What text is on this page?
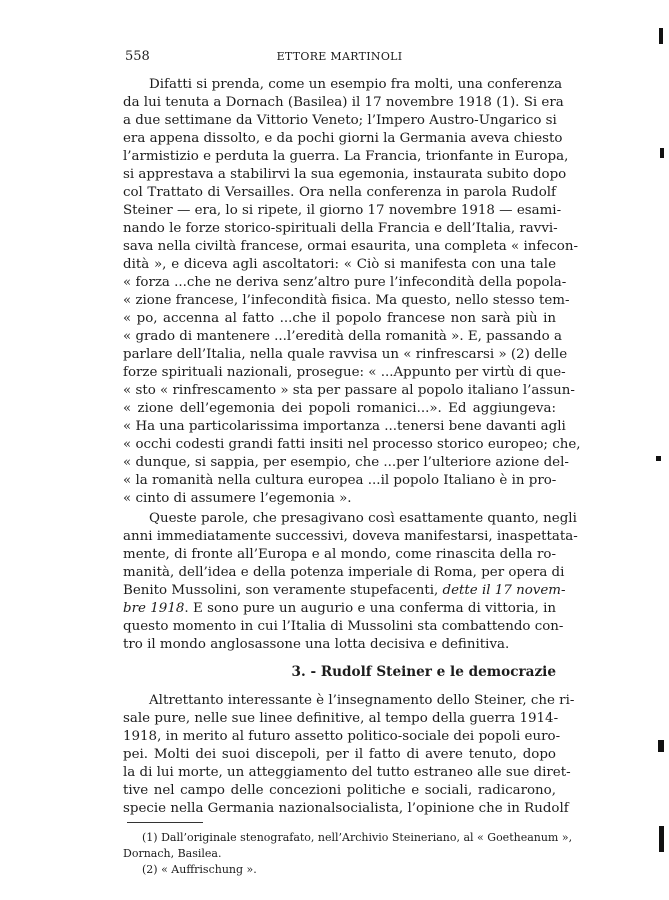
558	ETTORE MARTINOLI
Difatti si prenda, come un esempio fra molti, una conferenza
da lui tenuta a Dornach (Basilea) il 17 novembre 1918 (1). Si era
a due settimane da Vittorio Veneto; l’Impero Austro-Ungarico si
era appena dissolto, e da pochi giorni la Germania aveva chiesto
l’armistizio e perduta la guerra. La Francia, trionfante in Europa,
si apprestava a stabilirvi la sua egemonia, instaurata subito dopo
col Trattato di Versailles. Ora nella conferenza in parola Rudolf
Steiner — era, lo si ripete, il giorno 17 novembre 1918 — esami-
nando le forze storico-spirituali della Francia e dell’Italia, ravvi-
sava nella civiltà francese, ormai esaurita, una completa « infecon-
dità », e diceva agli ascoltatori: « Ciò si manifesta con una tale
« forza ...che ne deriva senz’altro pure l’infecondità della popola-
« zione francese, l’infecondità fisica. Ma questo, nello stesso tem-
« po, accenna al fatto ...che il popolo francese non sarà più in
« grado di mantenere ...l’eredità della romanità ». E, passando a
parlare dell’Italia, nella quale ravvisa un « rinfrescarsi » (2) delle
forze spirituali nazionali, prosegue: « ...Appunto per virtù di que-
« sto « rinfrescamento » sta per passare al popolo italiano l’assun-
« zione dell’egemonia dei popoli romanici...». Ed aggiungeva:
« Ha una particolarissima importanza ...tenersi bene davanti agli
« occhi codesti grandi fatti insiti nel processo storico europeo; che,
« dunque, si sappia, per esempio, che ...per l’ulteriore azione del-
« la romanità nella cultura europea ...il popolo Italiano è in pro-
« cinto di assumere l’egemonia ».
Queste parole, che presagivano così esattamente quanto, negli
anni immediatamente successivi, doveva manifestarsi, inaspettata-
mente, di fronte all’Europa e al mondo, come rinascita della ro-
manità, dell’idea e della potenza imperiale di Roma, per opera di
Benito Mussolini, son veramente stupefacenti, dette il 17 novem-
bre 1918. E sono pure un augurio e una conferma di vittoria, in
questo momento in cui l’Italia di Mussolini sta combattendo con-
tro il mondo anglosassone una lotta decisiva e definitiva.
3. - Rudolf Steiner e le democrazie
Altrettanto interessante è l’insegnamento dello Steiner, che ri-
sale pure, nelle sue linee definitive, al tempo della guerra 1914-
1918, in merito al futuro assetto politico-sociale dei popoli euro-
pei. Molti dei suoi discepoli, per il fatto di avere tenuto, dopo
la di lui morte, un atteggiamento del tutto estraneo alle sue diret-
tive nel campo delle concezioni politiche e sociali, radicarono,
specie nella Germania nazionalsocialista, l’opinione che in Rudolf
(1) Dall’originale stenografato, nell’Archivio Steineriano, al « Goetheanum »,
Dornach, Basilea.
(2) « Auffrischung ».
